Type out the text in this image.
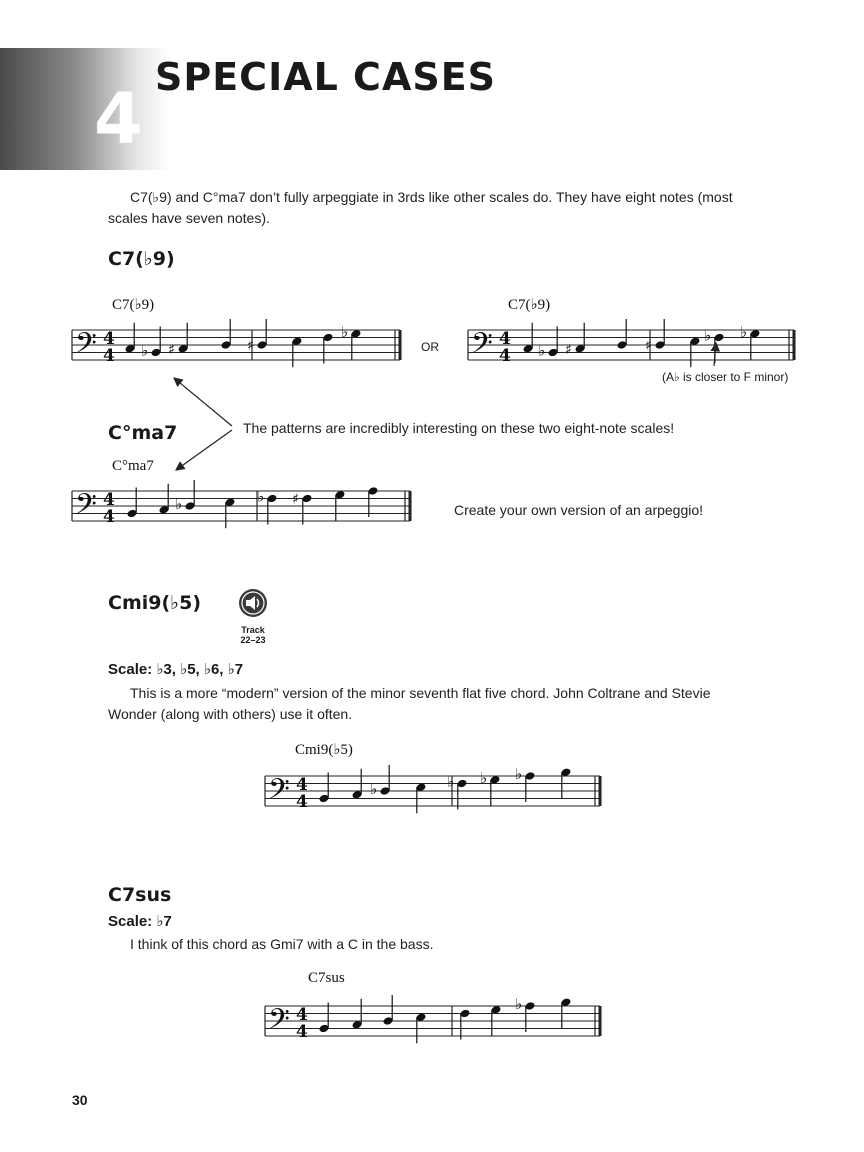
4
SPECIAL CASES
C7(♭9) and C°ma7 don’t fully arpeggiate in 3rds like other scales do. They have eight notes (most scales have seven notes).
C7(♭9)
C7(♭9)	C7(♭9)
OR
(A♭ is closer to F minor)
C°ma7	The patterns are incredibly interesting on these two eight-note scales!
C°ma7
Create your own version of an arpeggio!
Cmi9(♭5)
Track
22–23
Scale: ♭3, ♭5, ♭6, ♭7
This is a more “modern” version of the minor seventh flat five chord. John Coltrane and Stevie Wonder (along with others) use it often.
Cmi9(♭5)
C7sus
Scale: ♭7
I think of this chord as Gmi7 with a C in the bass.
C7sus
30
𝄢 4
4 ♭ ♯	♯
♭	𝄢 4
4 ♭ ♯	♯
♭ ♭
𝄢 4
4
♭	♭ ♯
𝄢 4
4
♭	♭ ♭ ♭
𝄢 4
4
♭
